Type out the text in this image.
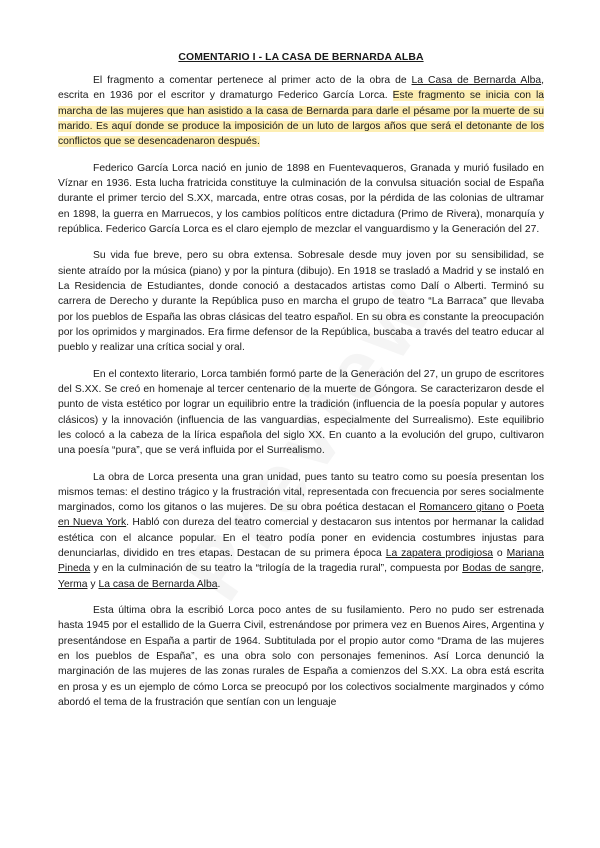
COMENTARIO I - LA CASA DE BERNARDA ALBA

El fragmento a comentar pertenece al primer acto de la obra de La Casa de Bernarda Alba, escrita en 1936 por el escritor y dramaturgo Federico García Lorca. Este fragmento se inicia con la marcha de las mujeres que han asistido a la casa de Bernarda para darle el pésame por la muerte de su marido. Es aquí donde se produce la imposición de un luto de largos años que será el detonante de los conflictos que se desencadenaron después.

Federico García Lorca nació en junio de 1898 en Fuentevaqueros, Granada y murió fusilado en Víznar en 1936. Esta lucha fratricida constituye la culminación de la convulsa situación social de España durante el primer tercio del S.XX, marcada, entre otras cosas, por la pérdida de las colonias de ultramar en 1898, la guerra en Marruecos, y los cambios políticos entre dictadura (Primo de Rivera), monarquía y república. Federico García Lorca es el claro ejemplo de mezclar el vanguardismo y la Generación del 27.

Su vida fue breve, pero su obra extensa. Sobresale desde muy joven por su sensibilidad, se siente atraído por la música (piano) y por la pintura (dibujo). En 1918 se trasladó a Madrid y se instaló en La Residencia de Estudiantes, donde conoció a destacados artistas como Dalí o Alberti. Terminó su carrera de Derecho y durante la República puso en marcha el grupo de teatro “La Barraca” que llevaba por los pueblos de España las obras clásicas del teatro español. En su obra es constante la preocupación por los oprimidos y marginados. Era firme defensor de la República, buscaba a través del teatro educar al pueblo y realizar una crítica social y oral.

En el contexto literario, Lorca también formó parte de la Generación del 27, un grupo de escritores del S.XX. Se creó en homenaje al tercer centenario de la muerte de Góngora. Se caracterizaron desde el punto de vista estético por lograr un equilibrio entre la tradición (influencia de la poesía popular y autores clásicos) y la innovación (influencia de las vanguardias, especialmente del Surrealismo). Este equilibrio les colocó a la cabeza de la lírica española del siglo XX. En cuanto a la evolución del grupo, cultivaron una poesía “pura”, que se verá influida por el Surrealismo.

La obra de Lorca presenta una gran unidad, pues tanto su teatro como su poesía presentan los mismos temas: el destino trágico y la frustración vital, representada con frecuencia por seres socialmente marginados, como los gitanos o las mujeres. De su obra poética destacan el Romancero gitano o Poeta en Nueva York. Habló con dureza del teatro comercial y destacaron sus intentos por hermanar la calidad estética con el alcance popular. En el teatro podía poner en evidencia costumbres injustas para denunciarlas, dividido en tres etapas. Destacan de su primera época La zapatera prodigiosa o Mariana Pineda y en la culminación de su teatro la “trilogía de la tragedia rural”, compuesta por Bodas de sangre, Yerma y La casa de Bernarda Alba.

Esta última obra la escribió Lorca poco antes de su fusilamiento. Pero no pudo ser estrenada hasta 1945 por el estallido de la Guerra Civil, estrenándose por primera vez en Buenos Aires, Argentina y presentándose en España a partir de 1964. Subtitulada por el propio autor como “Drama de las mujeres en los pueblos de España”, es una obra solo con personajes femeninos. Así Lorca denunció la marginación de las mujeres de las zonas rurales de España a comienzos del S.XX. La obra está escrita en prosa y es un ejemplo de cómo Lorca se preocupó por los colectivos socialmente marginados y cómo abordó el tema de la frustración que sentían con un lenguaje
